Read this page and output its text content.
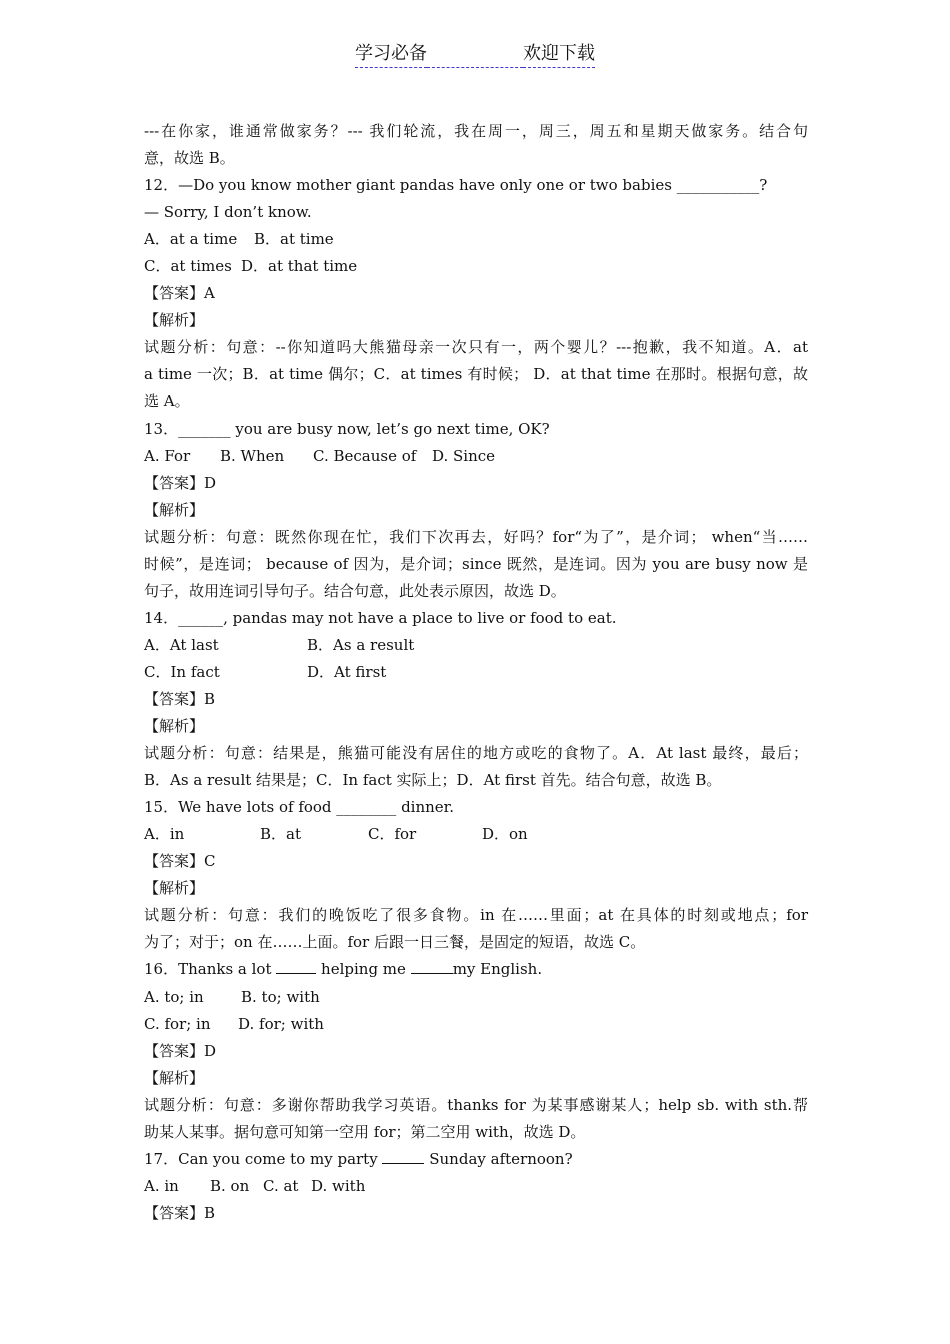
学习必备	欢迎下载
---在你家，谁通常做家务？--- 我们轮流，我在周一，周三，周五和星期天做家务。结合句
意，故选 B。
12．—Do you know mother giant pandas have only one or two babies ___________?
— Sorry, I don’t know.
A．at a time B．at time
C．at times D．at that time
【答案】A
【解析】
试题分析：句意：--你知道吗大熊猫母亲一次只有一，两个婴儿？---抱歉，我不知道。A．at
a time 一次；B．at time 偶尔；C．at times 有时候； D．at that time 在那时。根据句意，故
选 A。
13．_______ you are busy now, let’s go next time, OK?
A. For B. When C. Because of D. Since
【答案】D
【解析】
试题分析：句意：既然你现在忙，我们下次再去，好吗？for“为了”，是介词； when“当……
时候”，是连词； because of 因为，是介词；since 既然，是连词。因为 you are busy now 是
句子，故用连词引导句子。结合句意，此处表示原因，故选 D。
14．______, pandas may not have a place to live or food to eat.
A．At last	B．As a result
C．In fact	D．At first
【答案】B
【解析】
试题分析：句意：结果是，熊猫可能没有居住的地方或吃的食物了。A．At last 最终，最后；
B．As a result 结果是；C．In fact 实际上；D．At first 首先。结合句意，故选 B。
15．We have lots of food ________ dinner.
A．in	B．at	C．for	D．on
【答案】C
【解析】
试题分析：句意：我们的晚饭吃了很多食物。in 在……里面；at 在具体的时刻或地点；for
为了；对于；on 在……上面。for 后跟一日三餐，是固定的短语，故选 C。
16．Thanks a lot	helping me	my English.
A. to; in B. to; with
C. for; in D. for; with
【答案】D
【解析】
试题分析：句意：多谢你帮助我学习英语。thanks for 为某事感谢某人；help sb. with sth.帮
助某人某事。据句意可知第一空用 for；第二空用 with，故选 D。
17．Can you come to my party	Sunday afternoon?
A. in B. on C. at D. with
【答案】B
